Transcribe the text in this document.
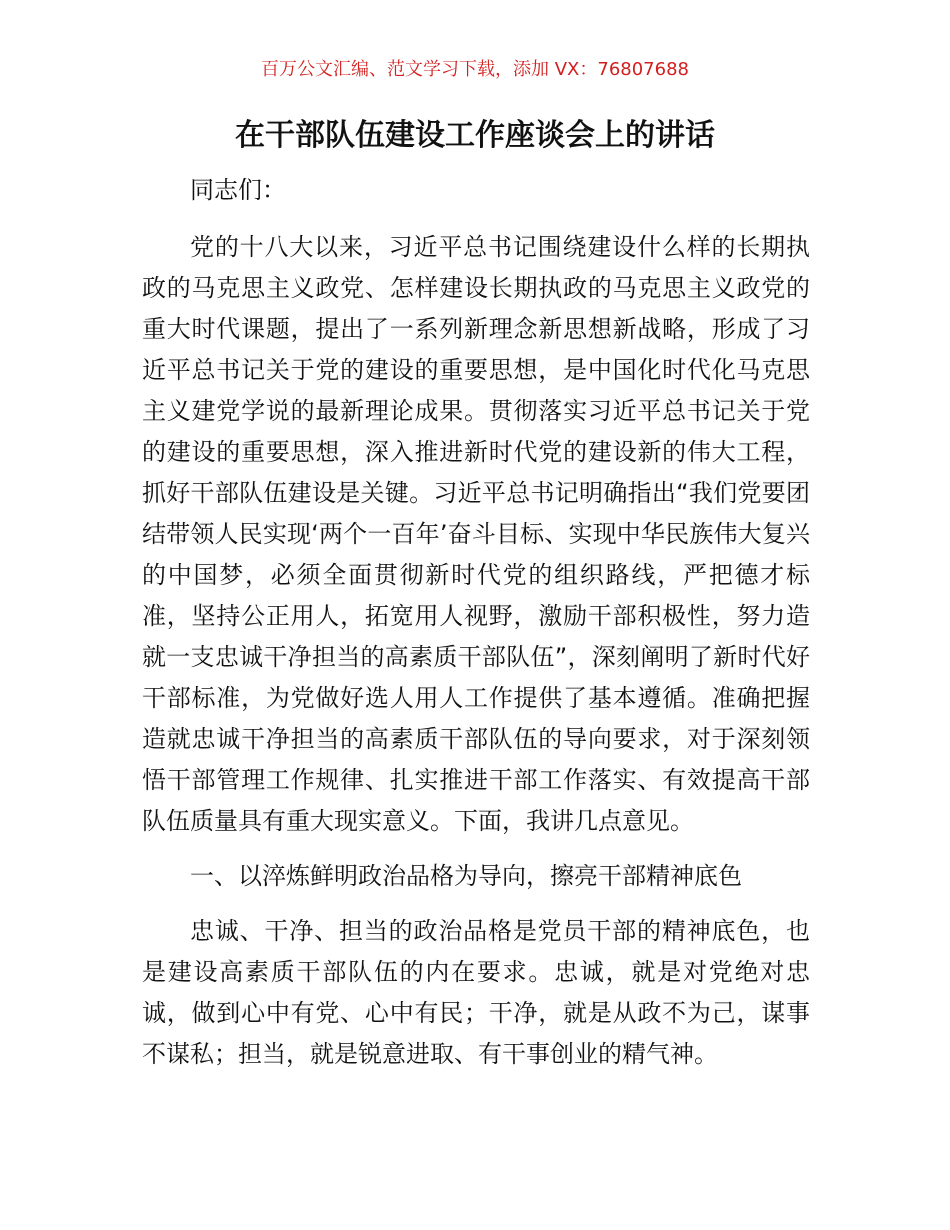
百万公文汇编、范文学习下载，添加 VX：76807688
在干部队伍建设工作座谈会上的讲话

同志们：

党的十八大以来，习近平总书记围绕建设什么样的长期执政的马克思主义政党、怎样建设长期执政的马克思主义政党的重大时代课题，提出了一系列新理念新思想新战略，形成了习近平总书记关于党的建设的重要思想，是中国化时代化马克思主义建党学说的最新理论成果。贯彻落实习近平总书记关于党的建设的重要思想，深入推进新时代党的建设新的伟大工程，抓好干部队伍建设是关键。习近平总书记明确指出“我们党要团结带领人民实现‘两个一百年’奋斗目标、实现中华民族伟大复兴的中国梦，必须全面贯彻新时代党的组织路线，严把德才标准，坚持公正用人，拓宽用人视野，激励干部积极性，努力造就一支忠诚干净担当的高素质干部队伍”，深刻阐明了新时代好干部标准，为党做好选人用人工作提供了基本遵循。准确把握造就忠诚干净担当的高素质干部队伍的导向要求，对于深刻领悟干部管理工作规律、扎实推进干部工作落实、有效提高干部队伍质量具有重大现实意义。下面，我讲几点意见。

一、以淬炼鲜明政治品格为导向，擦亮干部精神底色

忠诚、干净、担当的政治品格是党员干部的精神底色，也是建设高素质干部队伍的内在要求。忠诚，就是对党绝对忠诚，做到心中有党、心中有民；干净，就是从政不为己，谋事不谋私；担当，就是锐意进取、有干事创业的精气神。
